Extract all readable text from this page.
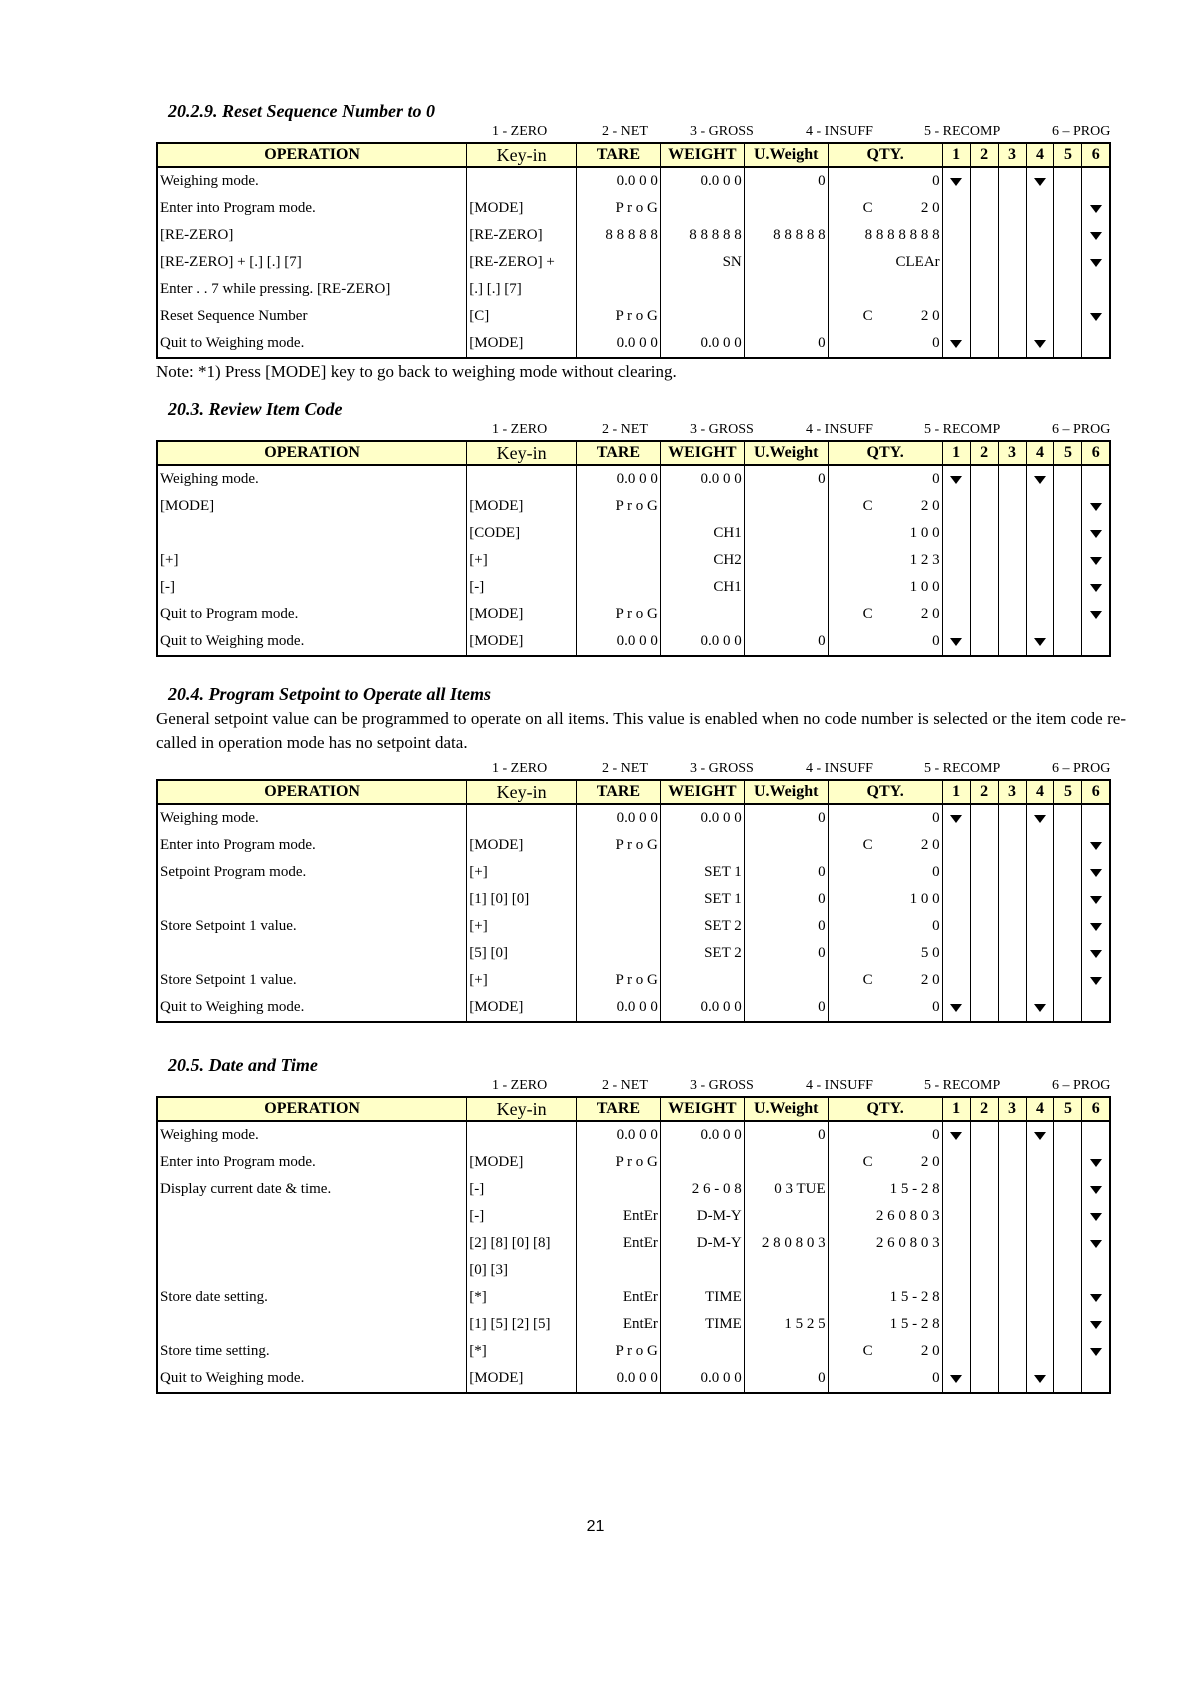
20.2.9. Reset Sequence Number to 0
1 - ZERO	2 - NET	3 - GROSS	4 - INSUFF	5 - RECOMP	6 – PROG
OPERATION	Key-in	TARE	WEIGHT	U.Weight	QTY.	1	2	3	4	5	6
Weighing mode.		0.0 0 0	0.0 0 0	0	0						

Enter into Program mode.	[MODE]	P r o G			C 2 0						

[RE-ZERO]	[RE-ZERO]	8 8 8 8 8	8 8 8 8 8	8 8 8 8 8	8 8 8 8 8 8 8						

[RE-ZERO] + [.] [.] [7]	[RE-ZERO] +		SN		CLEAr						

Enter . . 7 while pressing. [RE-ZERO]	[.] [.] [7]				

Reset Sequence Number	[C]	P r o G			C 2 0						

Quit to Weighing mode.	[MODE]	0.0 0 0	0.0 0 0	0	0						

Note: *1) Press [MODE] key to go back to weighing mode without clearing.
20.3. Review Item Code
1 - ZERO	2 - NET	3 - GROSS	4 - INSUFF	5 - RECOMP	6 – PROG
OPERATION	Key-in	TARE	WEIGHT	U.Weight	QTY.	1	2	3	4	5	6
Weighing mode.		0.0 0 0	0.0 0 0	0	0						

[MODE]	[MODE]	P r o G			C 2 0						

	[CODE]		CH1		1 0 0						

[+]	[+]		CH2		1 2 3						

[-]	[-]		CH1		1 0 0						

Quit to Program mode.	[MODE]	P r o G			C 2 0						

Quit to Weighing mode.	[MODE]	0.0 0 0	0.0 0 0	0	0						

20.4. Program Setpoint to Operate all Items
General setpoint value can be programmed to operate on all items. This value is enabled when no code number is selected or the item code re-called in operation mode has no setpoint data.
1 - ZERO	2 - NET	3 - GROSS	4 - INSUFF	5 - RECOMP	6 – PROG
OPERATION	Key-in	TARE	WEIGHT	U.Weight	QTY.	1	2	3	4	5	6
Weighing mode.		0.0 0 0	0.0 0 0	0	0						

Enter into Program mode.	[MODE]	P r o G			C 2 0						

Setpoint Program mode.	[+]		SET 1	0	0						

	[1] [0] [0]		SET 1	0	1 0 0						

Store Setpoint 1 value.	[+]		SET 2	0	0						

	[5] [0]		SET 2	0	5 0						

Store Setpoint 1 value.	[+]	P r o G			C 2 0						

Quit to Weighing mode.	[MODE]	0.0 0 0	0.0 0 0	0	0						

20.5. Date and Time
1 - ZERO	2 - NET	3 - GROSS	4 - INSUFF	5 - RECOMP	6 – PROG
OPERATION	Key-in	TARE	WEIGHT	U.Weight	QTY.	1	2	3	4	5	6
Weighing mode.		0.0 0 0	0.0 0 0	0	0						

Enter into Program mode.	[MODE]	P r o G			C 2 0						

Display current date & time.	[-]		2 6 - 0 8	0 3 TUE	1 5 - 2 8						

	[-]	EntEr	D-M-Y		2 6 0 8 0 3						

	[2] [8] [0] [8]	EntEr	D-M-Y	2 8 0 8 0 3	2 6 0 8 0 3						

	[0] [3]				

Store date setting.	[*]	EntEr	TIME		1 5 - 2 8						

	[1] [5] [2] [5]	EntEr	TIME	1 5 2 5	1 5 - 2 8						

Store time setting.	[*]	P r o G			C 2 0						

Quit to Weighing mode.	[MODE]	0.0 0 0	0.0 0 0	0	0						

21
